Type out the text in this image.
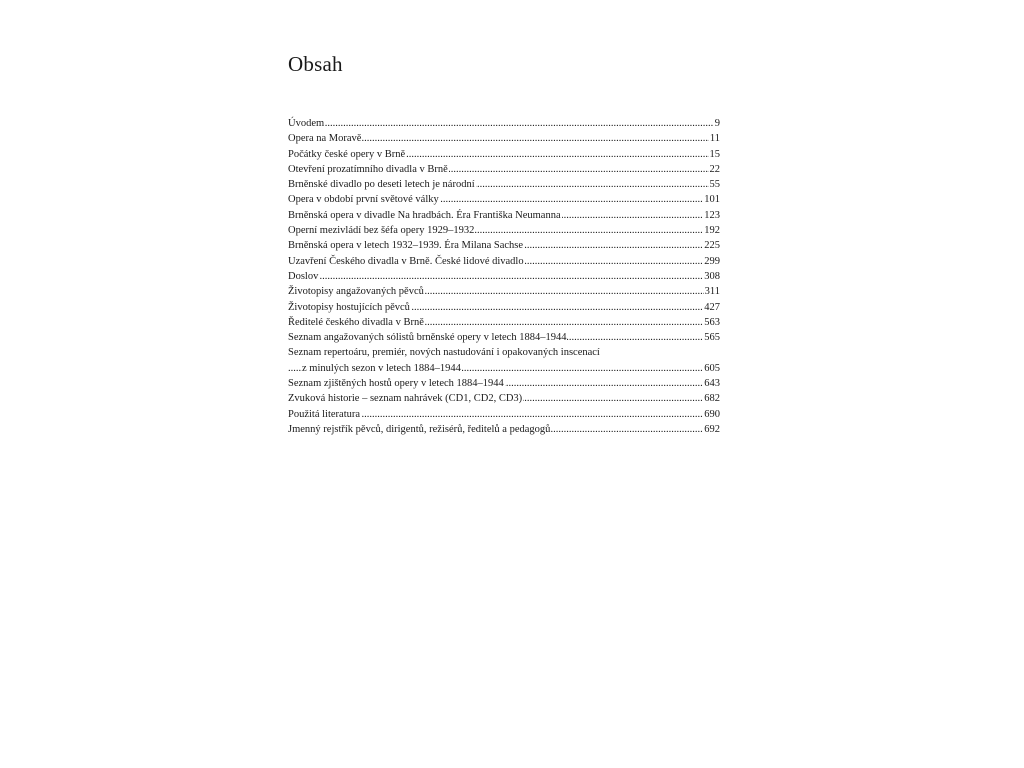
Obsah
.....
Úvodem	9
.....
Opera na Moravě	11
.....
Počátky české opery v Brně	15
.....
Otevření prozatímního divadla v Brně	22
.....
Brněnské divadlo po deseti letech je národní	55
.....
Opera v období první světové války	101
.....
Brněnská opera v divadle Na hradbách. Éra Františka Neumanna	123
.....
Operní mezivládí bez šéfa opery 1929–1932	192
.....
Brněnská opera v letech 1932–1939. Éra Milana Sachse	225
.....
Uzavření Českého divadla v Brně. České lidové divadlo	299
.....
Doslov	308
.....
Životopisy angažovaných pěvců	311
.....
Životopisy hostujících pěvců	427
.....
Ředitelé českého divadla v Brně	563
.....
Seznam angažovaných sólistů brněnské opery v letech 1884–1944	565
Seznam repertoáru, premiér, nových nastudování i opakovaných inscenací
.....
z minulých sezon v letech 1884–1944	605
.....
Seznam zjištěných hostů opery v letech 1884–1944	643
.....
Zvuková historie – seznam nahrávek (CD1, CD2, CD3)	682
.....
Použitá literatura	690
.....
Jmenný rejstřík pěvců, dirigentů, režisérů, ředitelů a pedagogů	692
